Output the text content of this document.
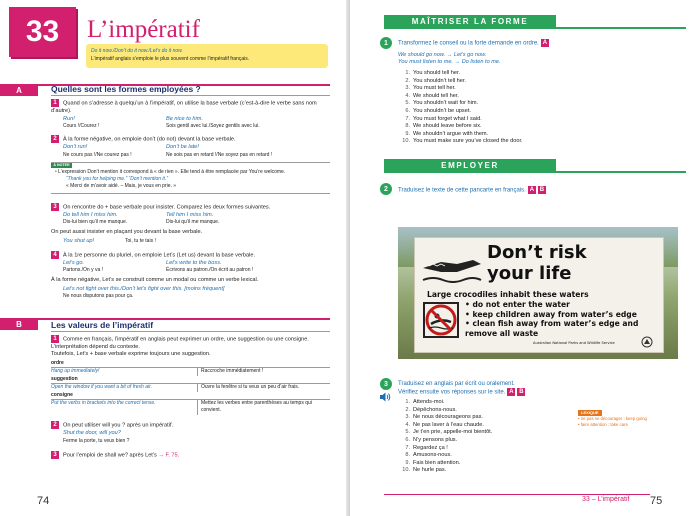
33	L’impératif
Do it now./Don’t do it now./Let’s do it now.
L’impératif anglais s’emploie le plus souvent comme l’impératif français.
A	Quelles sont les formes employées ?
1 Quand on s’adresse à quelqu’un à l’impératif, on utilise la base verbale (c’est-à-dire le verbe sans nom d’autre).
Run!
Cours !/Courez !
Be nice to him.
Sois gentil avec lui./Soyez gentils avec lui.
2 À la forme négative, on emploie don’t (do not) devant la base verbale.
Don’t run!
Ne cours pas !/Ne courez pas !
Don’t be late!
Ne sois pas en retard !/Ne soyez pas en retard !
À NOTER
• L’expression Don’t mention it correspond à « de rien ». Elle tend à être remplacée par You’re welcome.
“Thank you for helping me.” “Don’t mention it.”
« Merci de m’avoir aidé. – Mais, je vous en prie. »
3 On rencontre do + base verbale pour insister. Comparez les deux formes suivantes.
Do tell him I miss him.
Dis-lui bien qu’il me manque.
Tell him I miss him.
Dis-lui qu’il me manque.
On peut aussi insister en plaçant you devant la base verbale.
You shut up!	Toi, tu te tais !
4 À la 1re personne du pluriel, on emploie Let’s (Let us) devant la base verbale.
Let’s go.
Partons./On y va !
Let’s write to the boss.
Écrivons au patron./On écrit au patron !
À la forme négative, Let’s se construit comme un modal ou comme un verbe lexical.
Let’s not fight over this./Don’t let’s fight over this. [moins fréquent]
Ne nous disputons pas pour ça.
B	Les valeurs de l’impératif
1 Comme en français, l’impératif en anglais peut exprimer un ordre, une suggestion ou une consigne. L’interprétation dépend du contexte.
Toutefois, Let’s + base verbale exprime toujours une suggestion.
ordre
Hang up immediately!	Raccroche immédiatement !
suggestion
Open the window if you want a bit of fresh air.	Ouvre la fenêtre si tu veux un peu d’air frais.
consigne
Put the verbs in brackets into the correct tense.	Mettez les verbes entre parenthèses au temps qui convient.
2 On peut utiliser will you ? après un impératif.
Shut the door, will you?
Ferme la porte, tu veux bien ?
3 Pour l’emploi de shall we? après Let’s → F. 75.
74
MAÎTRISER LA FORME
1	Transformez le conseil ou la forte demande en ordre. A
We should go now. → Let’s go now.
You must listen to me. → Do listen to me.
1. You should tell her.
2. You shouldn’t tell her.
3. You must tell her.
4. We should tell her.
5. You shouldn’t wait for him.
6. You shouldn’t be upset.
7. You must forget what I said.
8. We should leave before six.
9. We shouldn’t argue with them.
10. You must make sure you’ve closed the door.
EMPLOYER
2	Traduisez le texte de cette pancarte en français. A B
Don’t risk
your life
Large crocodiles inhabit these waters
• do not enter the water
• keep children away from water’s edge
• clean fish away from water’s edge and remove all waste
Australian National Parks and Wildlife Service
3	Traduisez en anglais par écrit ou oralement.
Vérifiez ensuite vos réponses sur le site. A B
1. Attends-moi.
2. Dépêchons-nous.
3. Ne nous décourageons pas.
4. Ne pas laver à l’eau chaude.
5. Je t’en prie, appelle-moi bientôt.
6. N’y pensons plus.
7. Regardez ça !
8. Amusons-nous.
9. Fais bien attention.
10. Ne hurle pas.
LEXIQUE
• ne pas se décourager : keep going
• faire attention : take care
33 – L’impératif 75
